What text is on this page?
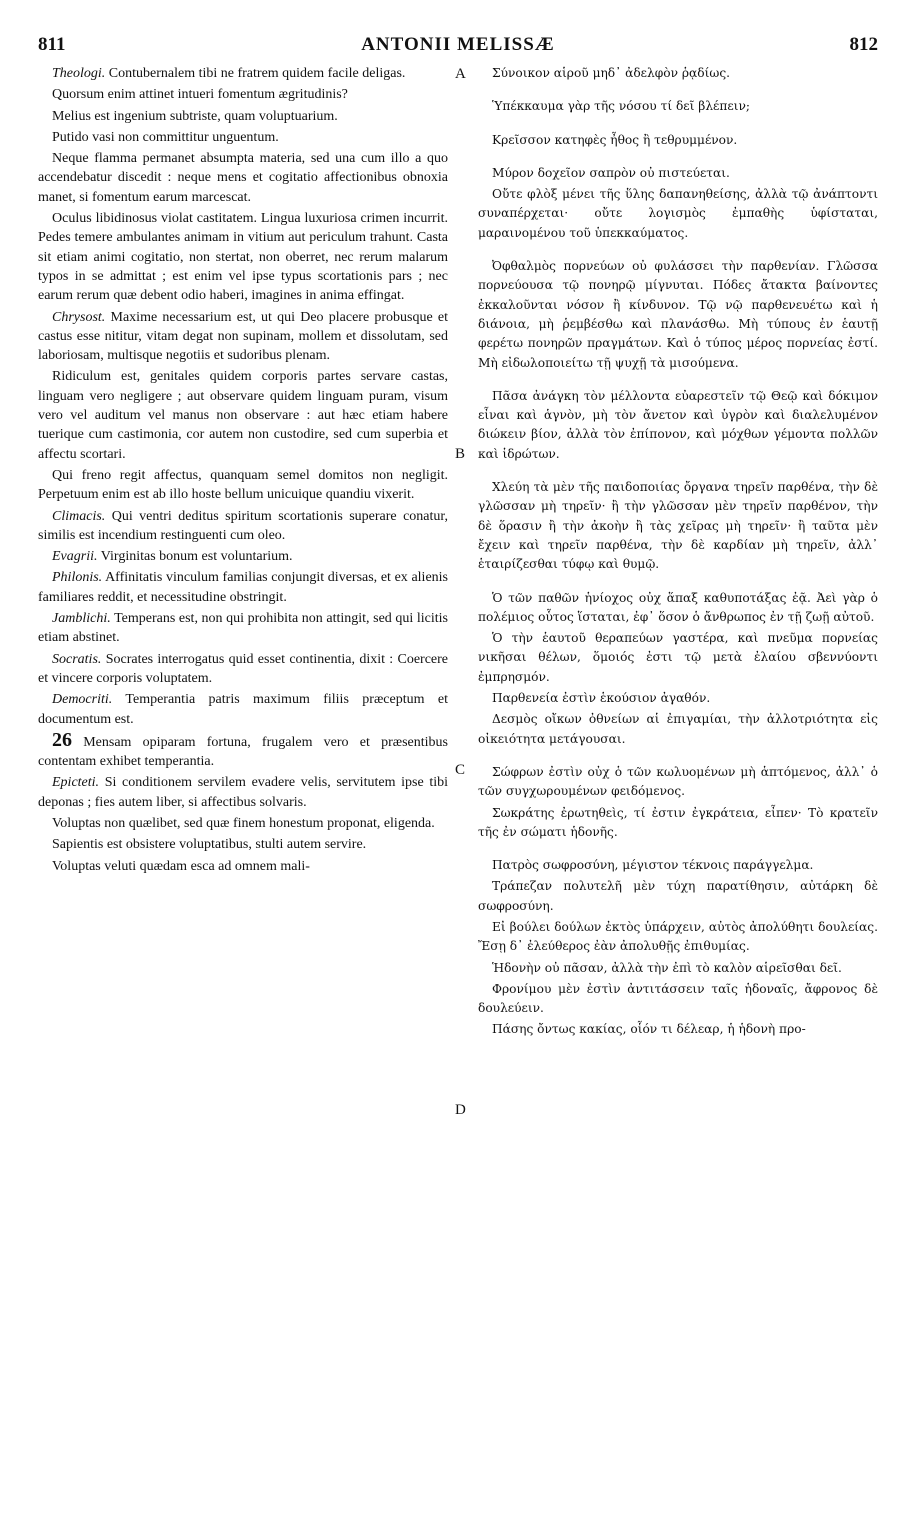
811	ANTONII MELISSÆ	812

Theologi. Contubernalem tibi ne fratrem quidem facile deligas.

Quorsum enim attinet intueri fomentum ægritudinis?

Melius est ingenium subtriste, quam voluptuarium.

Putido vasi non committitur unguentum.

Neque flamma permanet absumpta materia, sed una cum illo a quo accendebatur discedit : neque mens et cogitatio affectionibus obnoxia manet, si fomentum earum marcescat.

Oculus libidinosus violat castitatem. Lingua luxuriosa crimen incurrit. Pedes temere ambulantes animam in vitium aut periculum trahunt. Casta sit etiam animi cogitatio, non stertat, non oberret, nec rerum malarum typos in se admittat ; est enim vel ipse typus scortationis pars ; nec earum rerum quæ debent odio haberi, imagines in anima effingat.

Chrysost. Maxime necessarium est, ut qui Deo placere probusque et castus esse nititur, vitam degat non supinam, mollem et dissolutam, sed laboriosam, multisque negotiis et sudoribus plenam.

Ridiculum est, genitales quidem corporis partes servare castas, linguam vero negligere ; aut observare quidem linguam puram, visum vero vel auditum vel manus non observare : aut hæc etiam habere tuerique cum castimonia, cor autem non custodire, sed cum superbia et affectu scortari.

Qui freno regit affectus, quanquam semel domitos non negligit. Perpetuum enim est ab illo hoste bellum unicuique quandiu vixerit.

Climacis. Qui ventri deditus spiritum scortationis superare conatur, similis est incendium restinguenti cum oleo.

Evagrii. Virginitas bonum est voluntarium.

Philonis. Affinitatis vinculum familias conjungit diversas, et ex alienis familiares reddit, et necessitudine obstringit.

Jamblichi. Temperans est, non qui prohibita non attingit, sed qui licitis etiam abstinet.

Socratis. Socrates interrogatus quid esset continentia, dixit : Coercere et vincere corporis voluptatem.

Democriti. Temperantia patris maximum filiis præceptum et documentum est.

26 Mensam opiparam fortuna, frugalem vero et præsentibus contentam exhibet temperantia.

Epicteti. Si conditionem servilem evadere velis, servitutem ipse tibi deponas ; fies autem liber, si affectibus solvaris.

Voluptas non quælibet, sed quæ finem honestum proponat, eligenda.

Sapientis est obsistere voluptatibus, stulti autem servire.

Voluptas veluti quædam esca ad omnem mali-

A
B
C
D

Σύνοικον αἱροῦ μηδ᾽ ἀδελφὸν ῥᾳδίως.

Ὑπέκκαυμα γὰρ τῆς νόσου τί δεῖ βλέπειν;

Κρεῖσσον κατηφὲς ἦθος ἢ τεθρυμμένον.

Μύρον δοχεῖον σαπρὸν οὐ πιστεύεται.

Οὔτε φλὸξ μένει τῆς ὕλης δαπανηθείσης, ἀλλὰ τῷ ἀνάπτοντι συναπέρχεται· οὔτε λογισμὸς ἐμπαθὴς ὑφίσταται, μαραινομένου τοῦ ὑπεκκαύματος.

Ὀφθαλμὸς πορνεύων οὐ φυλάσσει τὴν παρθενίαν. Γλῶσσα πορνεύουσα τῷ πονηρῷ μίγνυται. Πόδες ἄτακτα βαίνοντες ἐκκαλοῦνται νόσον ἢ κίνδυνον. Τῷ νῷ παρθενευέτω καὶ ἡ διάνοια, μὴ ῥεμβέσθω καὶ πλανάσθω. Μὴ τύπους ἐν ἑαυτῇ φερέτω πονηρῶν πραγμάτων. Καὶ ὁ τύπος μέρος πορνείας ἐστί. Μὴ εἰδωλοποιείτω τῇ ψυχῇ τὰ μισούμενα.

Πᾶσα ἀνάγκη τὸν μέλλοντα εὐαρεστεῖν τῷ Θεῷ καὶ δόκιμον εἶναι καὶ ἁγνὸν, μὴ τὸν ἄνετον καὶ ὑγρὸν καὶ διαλελυμένον διώκειν βίον, ἀλλὰ τὸν ἐπίπονον, καὶ μόχθων γέμοντα πολλῶν καὶ ἱδρώτων.

Χλεύη τὰ μὲν τῆς παιδοποιίας ὄργανα τηρεῖν παρθένα, τὴν δὲ γλῶσσαν μὴ τηρεῖν· ἢ τὴν γλῶσσαν μὲν τηρεῖν παρθένον, τὴν δὲ ὅρασιν ἢ τὴν ἀκοὴν ἢ τὰς χεῖρας μὴ τηρεῖν· ἢ ταῦτα μὲν ἔχειν καὶ τηρεῖν παρθένα, τὴν δὲ καρδίαν μὴ τηρεῖν, ἀλλ᾽ ἑταιρίζεσθαι τύφῳ καὶ θυμῷ.

Ὁ τῶν παθῶν ἡνίοχος οὐχ ἅπαξ καθυποτάξας ἐᾷ. Ἀεὶ γὰρ ὁ πολέμιος οὗτος ἵσταται, ἐφ᾽ ὅσον ὁ ἄνθρωπος ἐν τῇ ζωῇ αὐτοῦ.

Ὁ τὴν ἑαυτοῦ θεραπεύων γαστέρα, καὶ πνεῦμα πορνείας νικῆσαι θέλων, ὅμοιός ἐστι τῷ μετὰ ἐλαίου σβεννύοντι ἐμπρησμόν.

Παρθενεία ἐστὶν ἑκούσιον ἀγαθόν.

Δεσμὸς οἴκων ὀθνείων αἱ ἐπιγαμίαι, τὴν ἀλλοτριότητα εἰς οἰκειότητα μετάγουσαι.

Σώφρων ἐστὶν οὐχ ὁ τῶν κωλυομένων μὴ ἁπτόμενος, ἀλλ᾽ ὁ τῶν συγχωρουμένων φειδόμενος.

Σωκράτης ἐρωτηθεὶς, τί ἐστιν ἐγκράτεια, εἶπεν· Τὸ κρατεῖν τῆς ἐν σώματι ἡδονῆς.

Πατρὸς σωφροσύνη, μέγιστον τέκνοις παράγγελμα.

Τράπεζαν πολυτελῆ μὲν τύχη παρατίθησιν, αὐτάρκη δὲ σωφροσύνη.

Εἰ βούλει δούλων ἐκτὸς ὑπάρχειν, αὐτὸς ἀπολύθητι δουλείας. Ἔσῃ δ᾽ ἐλεύθερος ἐὰν ἀπολυθῇς ἐπιθυμίας.

Ἡδονὴν οὐ πᾶσαν, ἀλλὰ τὴν ἐπὶ τὸ καλὸν αἱρεῖσθαι δεῖ.

Φρονίμου μὲν ἐστὶν ἀντιτάσσειν ταῖς ἡδοναῖς, ἄφρονος δὲ δουλεύειν.

Πάσης ὄντως κακίας, οἷόν τι δέλεαρ, ἡ ἡδονὴ προ-
